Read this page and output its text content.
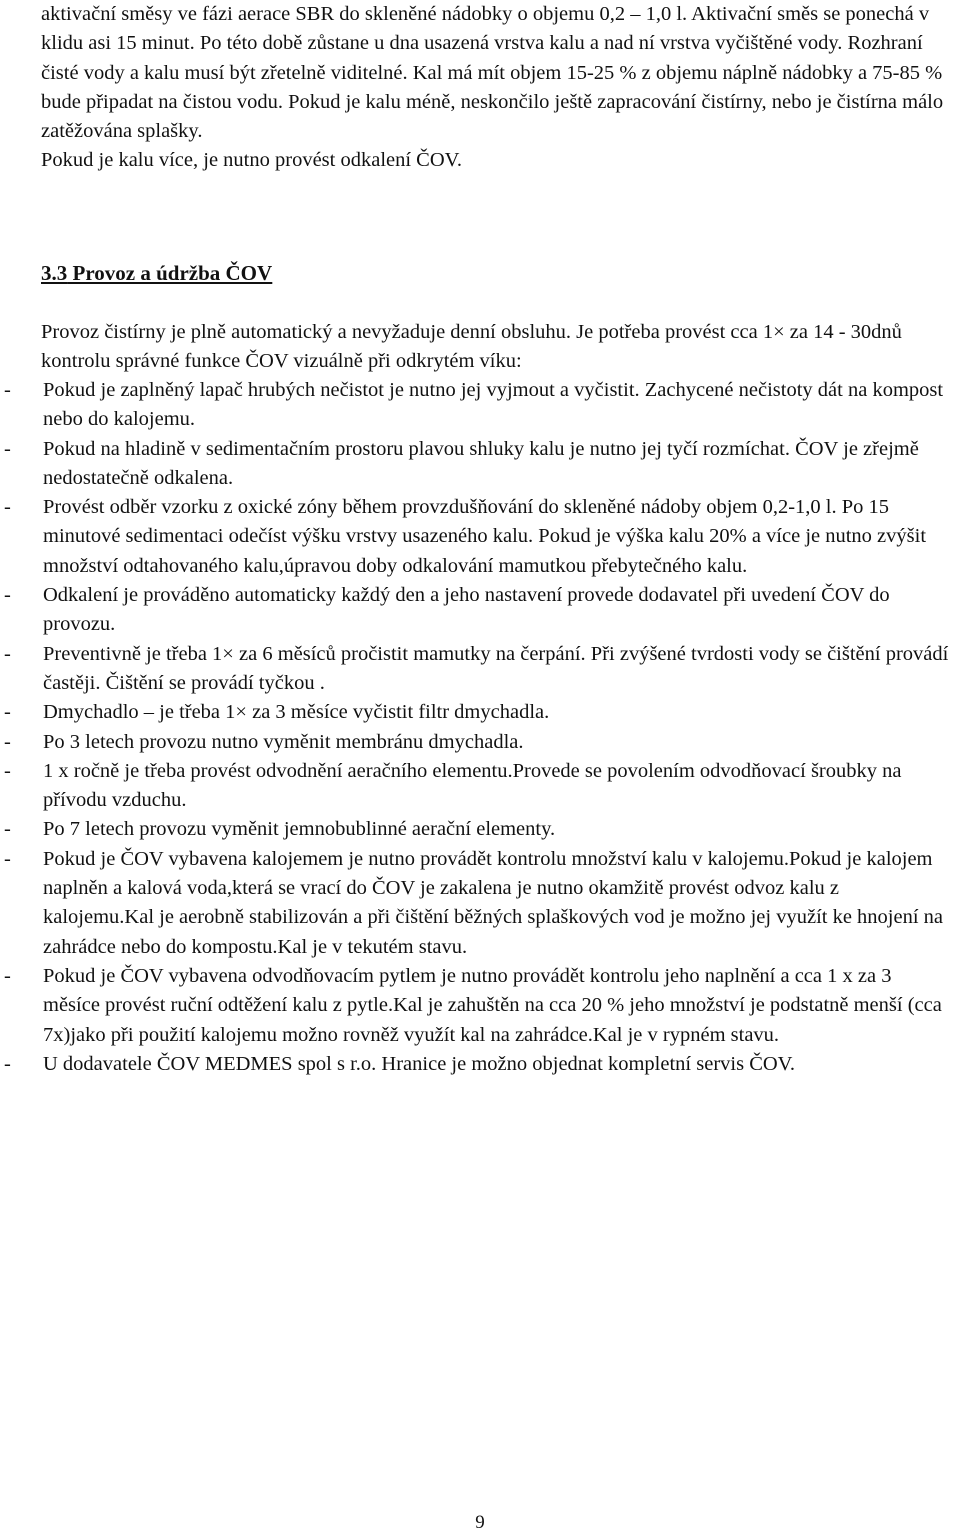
aktivační směsy ve fázi aerace SBR do skleněné nádobky o objemu 0,2 – 1,0 l. Aktivační směs se ponechá v klidu asi 15 minut. Po této době zůstane u dna usazená vrstva kalu a nad ní vrstva vyčištěné vody. Rozhraní čisté vody a kalu musí být zřetelně viditelné. Kal má mít objem 15-25 % z objemu náplně nádobky a 75-85 % bude připadat na čistou vodu. Pokud je kalu méně, neskončilo ještě zapracování čistírny, nebo je čistírna málo zatěžována splašky.

Pokud je kalu více, je nutno provést odkalení ČOV.

3.3 Provoz a údržba ČOV

Provoz čistírny je plně automatický a nevyžaduje denní obsluhu. Je potřeba provést cca 1× za 14 - 30dnů kontrolu správné funkce ČOV vizuálně při odkrytém víku:

- Pokud je zaplněný lapač hrubých nečistot je nutno jej vyjmout a vyčistit. Zachycené nečistoty dát na kompost nebo do kalojemu.
- Pokud na hladině v sedimentačním prostoru plavou shluky kalu je nutno jej tyčí rozmíchat. ČOV je zřejmě nedostatečně odkalena.
- Provést odběr vzorku z oxické zóny během provzdušňování do skleněné nádoby objem 0,2-1,0 l. Po 15 minutové sedimentaci odečíst výšku vrstvy usazeného kalu. Pokud je výška kalu 20% a více je nutno zvýšit množství odtahovaného kalu,úpravou doby odkalování mamutkou přebytečného kalu.
- Odkalení je prováděno automaticky každý den a jeho nastavení provede dodavatel při uvedení ČOV do provozu.
- Preventivně je třeba 1× za 6 měsíců pročistit mamutky na čerpání. Při zvýšené tvrdosti vody se čištění provádí častěji. Čištění se provádí tyčkou .
- Dmychadlo – je třeba 1× za 3 měsíce vyčistit filtr dmychadla.
- Po 3 letech provozu nutno vyměnit membránu dmychadla.
- 1 x ročně je třeba provést odvodnění aeračního elementu.Provede se povolením odvodňovací šroubky na přívodu vzduchu.
- Po 7 letech provozu vyměnit jemnobublinné aerační elementy.
- Pokud je ČOV vybavena kalojemem je nutno provádět kontrolu množství kalu v kalojemu.Pokud je kalojem naplněn a kalová voda,která se vrací do ČOV je zakalena je nutno okamžitě provést odvoz kalu z kalojemu.Kal je aerobně stabilizován a při čištění běžných splaškových vod je možno jej využít ke hnojení na zahrádce nebo do kompostu.Kal je v tekutém stavu.
- Pokud je ČOV vybavena odvodňovacím pytlem je nutno provádět kontrolu jeho naplnění a cca 1 x za 3 měsíce provést ruční odtěžení kalu z pytle.Kal je zahuštěn na cca 20 % jeho množství je podstatně menší (cca 7x)jako při použití kalojemu možno rovněž využít kal na zahrádce.Kal je v rypném stavu.
- U dodavatele ČOV MEDMES spol s r.o. Hranice je možno objednat kompletní servis ČOV.
9
